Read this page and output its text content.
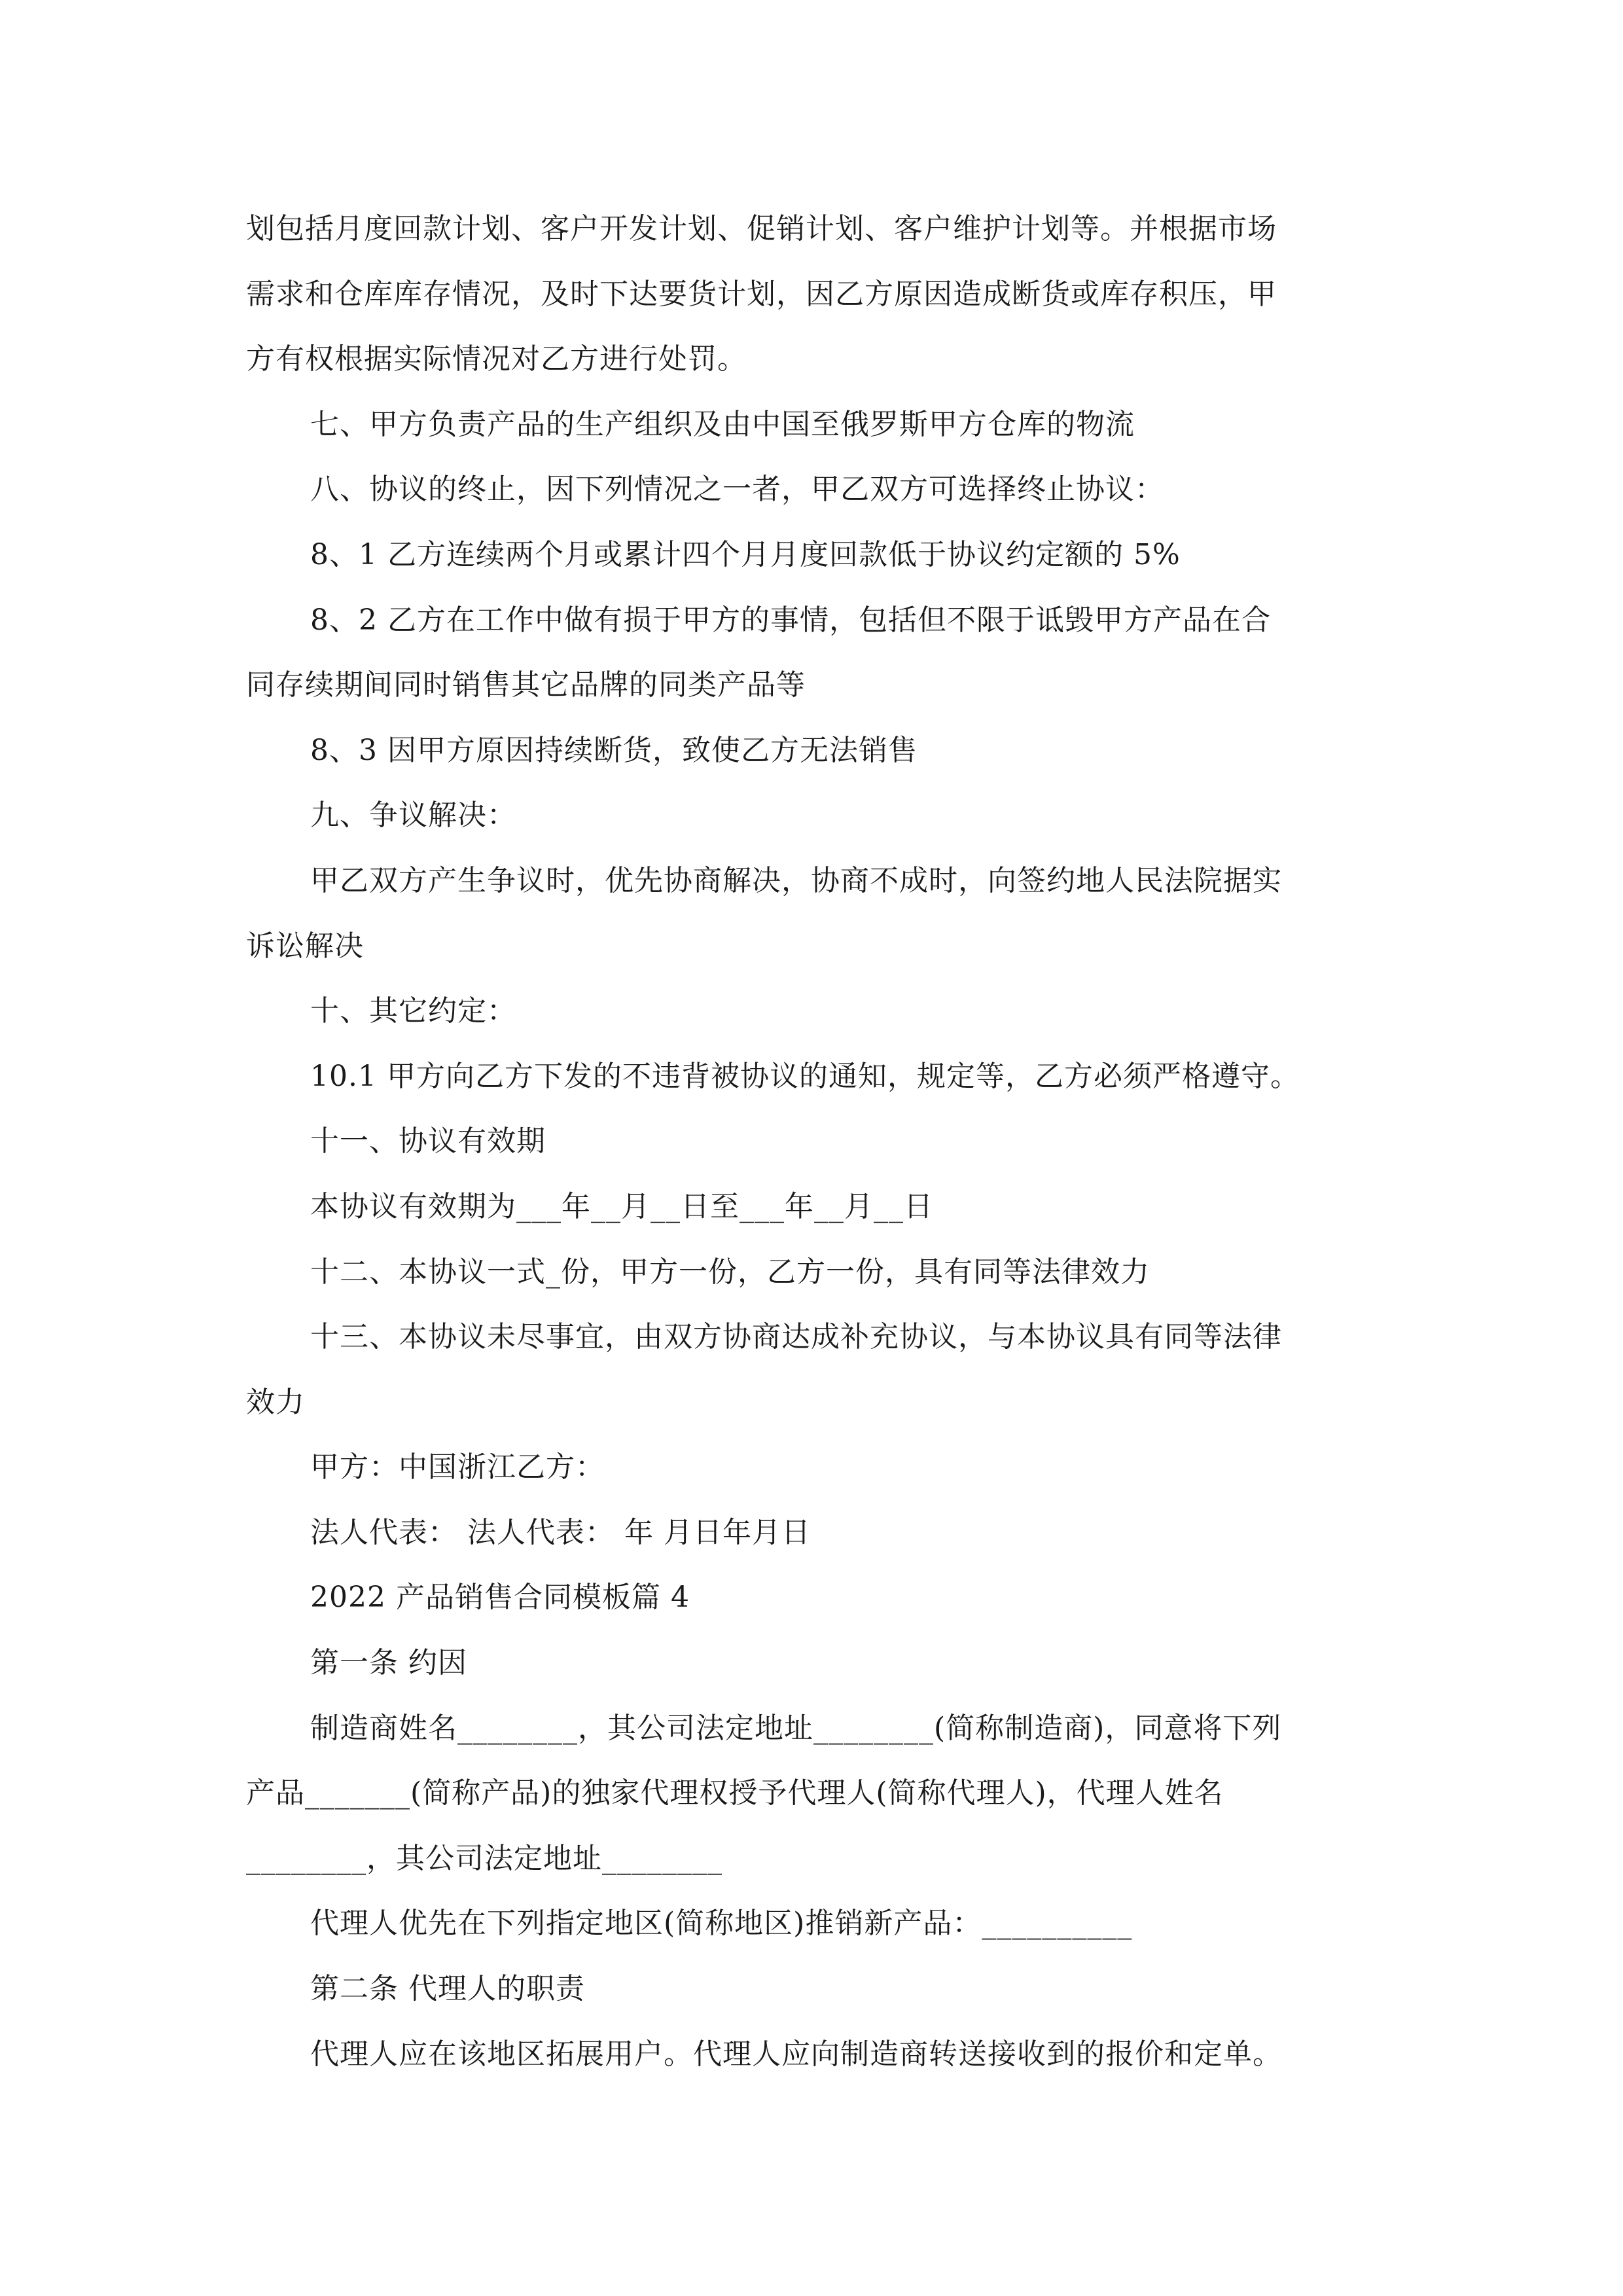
划包括月度回款计划、客户开发计划、促销计划、客户维护计划等。并根据市场
需求和仓库库存情况，及时下达要货计划，因乙方原因造成断货或库存积压，甲
方有权根据实际情况对乙方进行处罚。
七、甲方负责产品的生产组织及由中国至俄罗斯甲方仓库的物流
八、协议的终止，因下列情况之一者，甲乙双方可选择终止协议：
8、1 乙方连续两个月或累计四个月月度回款低于协议约定额的 5%
8、2 乙方在工作中做有损于甲方的事情，包括但不限于诋毁甲方产品在合
同存续期间同时销售其它品牌的同类产品等
8、3 因甲方原因持续断货，致使乙方无法销售
九、争议解决：
甲乙双方产生争议时，优先协商解决，协商不成时，向签约地人民法院据实
诉讼解决
十、其它约定：
10.1 甲方向乙方下发的不违背被协议的通知，规定等，乙方必须严格遵守。
十一、协议有效期
本协议有效期为___年__月__日至___年__月__日
十二、本协议一式_份，甲方一份，乙方一份，具有同等法律效力
十三、本协议未尽事宜，由双方协商达成补充协议，与本协议具有同等法律
效力
甲方：中国浙江乙方：
法人代表： 法人代表： 年 月日年月日
2022 产品销售合同模板篇 4
第一条 约因
制造商姓名________，其公司法定地址________(简称制造商)，同意将下列
产品_______(简称产品)的独家代理权授予代理人(简称代理人)，代理人姓名
________，其公司法定地址________
代理人优先在下列指定地区(简称地区)推销新产品：__________
第二条 代理人的职责
代理人应在该地区拓展用户。代理人应向制造商转送接收到的报价和定单。
